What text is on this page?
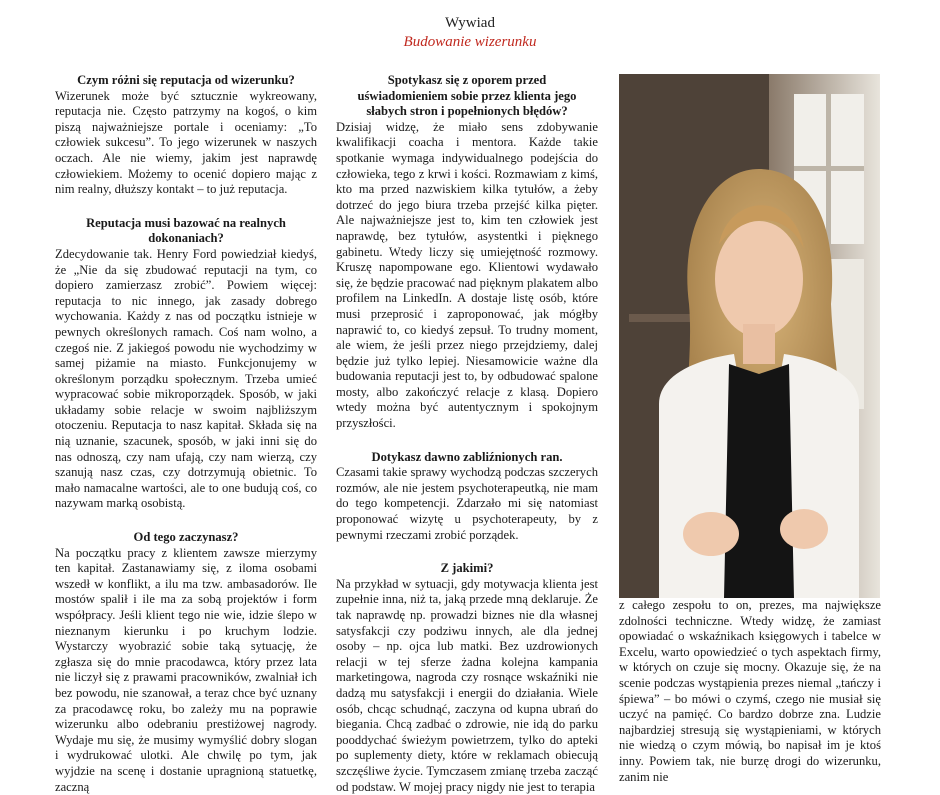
Wywiad
Budowanie wizerunku
Czym różni się reputacja od wizerunku?

Wizerunek może być sztucznie wykreowany, reputacja nie. Często patrzymy na kogoś, o kim piszą najważniejsze portale i oceniamy: „To człowiek sukcesu”. To jego wizerunek w naszych oczach. Ale nie wiemy, jakim jest naprawdę człowiekiem. Możemy to ocenić dopiero mając z nim realny, dłuższy kontakt – to już reputacja.

Reputacja musi bazować na realnych dokonaniach?

Zdecydowanie tak. Henry Ford powiedział kiedyś, że „Nie da się zbudować reputacji na tym, co dopiero zamierzasz zrobić”. Powiem więcej: reputacja to nic innego, jak zasady dobrego wychowania. Każdy z nas od początku istnieje w pewnych określonych ramach. Coś nam wolno, a czegoś nie. Z jakiegoś powodu nie wychodzimy w samej piżamie na miasto. Funkcjonujemy w określonym porządku społecznym. Trzeba umieć wypracować sobie mikroporządek. Sposób, w jaki układamy sobie relacje w swoim najbliższym otoczeniu. Reputacja to nasz kapitał. Składa się na nią uznanie, szacunek, sposób, w jaki inni się do nas odnoszą, czy nam ufają, czy nam wierzą, czy szanują nasz czas, czy dotrzymują obietnic. To mało namacalne wartości, ale to one budują coś, co nazywam marką osobistą.

Od tego zaczynasz?

Na początku pracy z klientem zawsze mierzymy ten kapitał. Zastanawiamy się, z iloma osobami wszedł w konflikt, a ilu ma tzw. ambasadorów. Ile mostów spalił i ile ma za sobą projektów i form współpracy. Jeśli klient tego nie wie, idzie ślepo w nieznanym kierunku i po kruchym lodzie. Wystarczy wyobrazić sobie taką sytuację, że zgłasza się do mnie pracodawca, który przez lata nie liczył się z prawami pracowników, zwalniał ich bez powodu, nie szanował, a teraz chce być uznany za pracodawcę roku, bo zależy mu na poprawie wizerunku albo odebraniu prestiżowej nagrody. Wydaje mu się, że musimy wymyślić dobry slogan i wydrukować ulotki. Ale chwilę po tym, jak wyjdzie na scenę i dostanie upragnioną statuetkę, zaczną

Spotykasz się z oporem przed uświadomieniem sobie przez klienta jego słabych stron i popełnionych błędów?

Dzisiaj widzę, że miało sens zdobywanie kwalifikacji coacha i mentora. Każde takie spotkanie wymaga indywidualnego podejścia do człowieka, tego z krwi i kości. Rozmawiam z kimś, kto ma przed nazwiskiem kilka tytułów, a żeby dotrzeć do jego biura trzeba przejść kilka pięter. Ale najważniejsze jest to, kim ten człowiek jest naprawdę, bez tytułów, asystentki i pięknego gabinetu. Wtedy liczy się umiejętność rozmowy. Kruszę napompowane ego. Klientowi wydawało się, że będzie pracować nad pięknym plakatem albo profilem na LinkedIn. A dostaje listę osób, które musi przeprosić i zaproponować, jak mógłby naprawić to, co kiedyś zepsuł. To trudny moment, ale wiem, że jeśli przez niego przejdziemy, dalej będzie już tylko lepiej. Niesamowicie ważne dla budowania reputacji jest to, by odbudować spalone mosty, albo zakończyć relacje z klasą. Dopiero wtedy można być autentycznym i spokojnym przyszłości.

Dotykasz dawno zabliźnionych ran.

Czasami takie sprawy wychodzą podczas szczerych rozmów, ale nie jestem psychoterapeutką, nie mam do tego kompetencji. Zdarzało mi się natomiast proponować wizytę u psychoterapeuty, by z pewnymi rzeczami zrobić porządek.

Z jakimi?

Na przykład w sytuacji, gdy motywacja klienta jest zupełnie inna, niż ta, jaką przede mną deklaruje. Że tak naprawdę np. prowadzi biznes nie dla własnej satysfakcji czy podziwu innych, ale dla jednej osoby – np. ojca lub matki. Bez uzdrowionych relacji w tej sferze żadna kolejna kampania marketingowa, nagroda czy rosnące wskaźniki nie dadzą mu satysfakcji i energii do działania. Wiele osób, chcąc schudnąć, zaczyna od kupna ubrań do biegania. Chcą zadbać o zdrowie, nie idą do parku pooddychać świeżym powietrzem, tylko do apteki po suplementy diety, które w reklamach obiecują szczęśliwe życie. Tymczasem zmianę trzeba zacząć od podstaw. W mojej pracy nigdy nie jest to terapia

z całego zespołu to on, prezes, ma największe zdolności techniczne. Wtedy widzę, że zamiast opowiadać o wskaźnikach księgowych i tabelce w Excelu, warto opowiedzieć o tych aspektach firmy, w których on czuje się mocny. Okazuje się, że na scenie podczas wystąpienia prezes niemal „tańczy i śpiewa” – bo mówi o czymś, czego nie musiał się uczyć na pamięć. Co bardzo dobrze zna. Ludzie najbardziej stresują się wystąpieniami, w których nie wiedzą o czym mówią, bo napisał im je ktoś inny. Powiem tak, nie burzę drogi do wizerunku, zanim nie
